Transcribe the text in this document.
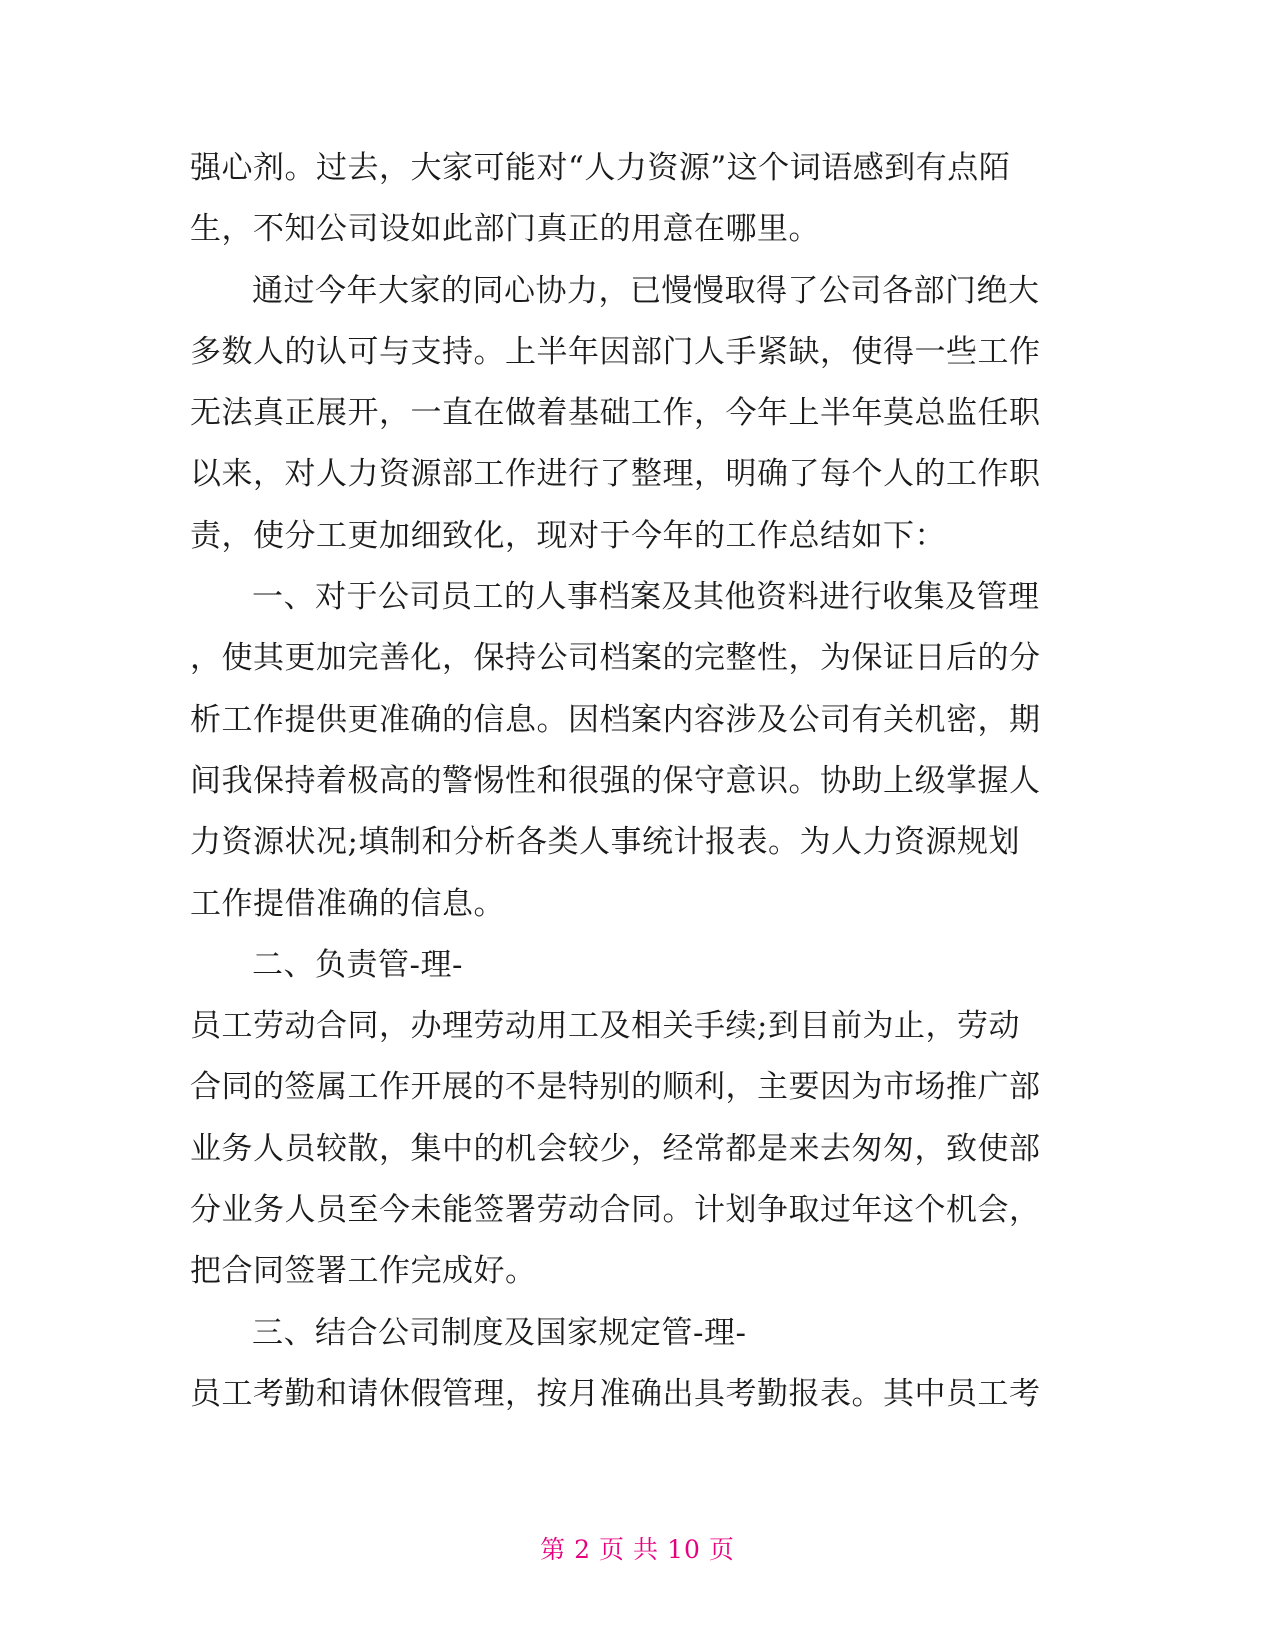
强心剂。过去，大家可能对“人力资源”这个词语感到有点陌
生，不知公司设如此部门真正的用意在哪里。
通过今年大家的同心协力，已慢慢取得了公司各部门绝大
多数人的认可与支持。上半年因部门人手紧缺，使得一些工作
无法真正展开，一直在做着基础工作，今年上半年莫总监任职
以来，对人力资源部工作进行了整理，明确了每个人的工作职
责，使分工更加细致化，现对于今年的工作总结如下：
一、对于公司员工的人事档案及其他资料进行收集及管理
，使其更加完善化，保持公司档案的完整性，为保证日后的分
析工作提供更准确的信息。因档案内容涉及公司有关机密，期
间我保持着极高的警惕性和很强的保守意识。协助上级掌握人
力资源状况;填制和分析各类人事统计报表。为人力资源规划
工作提借准确的信息。
二、负责管-理-
员工劳动合同，办理劳动用工及相关手续;到目前为止，劳动
合同的签属工作开展的不是特别的顺利，主要因为市场推广部
业务人员较散，集中的机会较少，经常都是来去匆匆，致使部
分业务人员至今未能签署劳动合同。计划争取过年这个机会，
把合同签署工作完成好。
三、结合公司制度及国家规定管-理-
员工考勤和请休假管理，按月准确出具考勤报表。其中员工考
第 2 页 共 10 页
